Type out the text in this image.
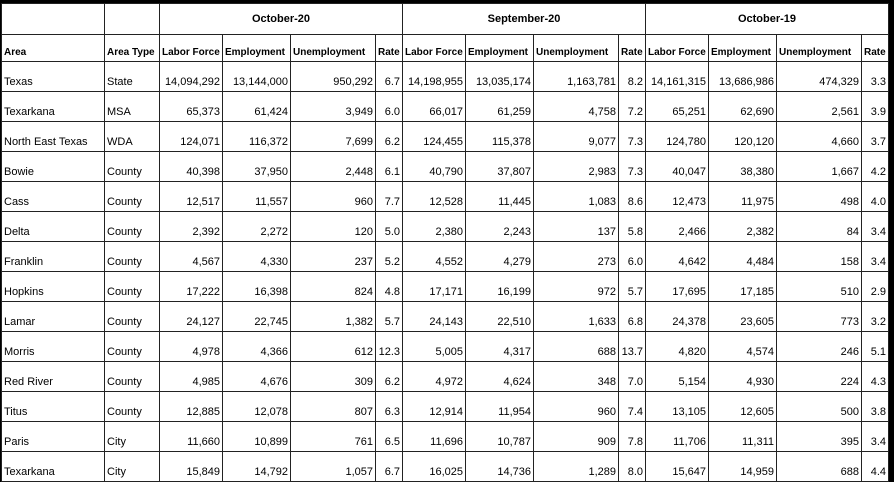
		October-20				September-20				October-19			
Area	Area Type	Labor Force	Employment	Unemployment	Rate	Labor Force	Employment	Unemployment	Rate	Labor Force	Employment	Unemployment	Rate
Texas	State	14,094,292	13,144,000	950,292	6.7	14,198,955	13,035,174	1,163,781	8.2	14,161,315	13,686,986	474,329	3.3
Texarkana	MSA	65,373	61,424	3,949	6.0	66,017	61,259	4,758	7.2	65,251	62,690	2,561	3.9
North East Texas	WDA	124,071	116,372	7,699	6.2	124,455	115,378	9,077	7.3	124,780	120,120	4,660	3.7
Bowie	County	40,398	37,950	2,448	6.1	40,790	37,807	2,983	7.3	40,047	38,380	1,667	4.2
Cass	County	12,517	11,557	960	7.7	12,528	11,445	1,083	8.6	12,473	11,975	498	4.0
Delta	County	2,392	2,272	120	5.0	2,380	2,243	137	5.8	2,466	2,382	84	3.4
Franklin	County	4,567	4,330	237	5.2	4,552	4,279	273	6.0	4,642	4,484	158	3.4
Hopkins	County	17,222	16,398	824	4.8	17,171	16,199	972	5.7	17,695	17,185	510	2.9
Lamar	County	24,127	22,745	1,382	5.7	24,143	22,510	1,633	6.8	24,378	23,605	773	3.2
Morris	County	4,978	4,366	612	12.3	5,005	4,317	688	13.7	4,820	4,574	246	5.1
Red River	County	4,985	4,676	309	6.2	4,972	4,624	348	7.0	5,154	4,930	224	4.3
Titus	County	12,885	12,078	807	6.3	12,914	11,954	960	7.4	13,105	12,605	500	3.8
Paris	City	11,660	10,899	761	6.5	11,696	10,787	909	7.8	11,706	11,311	395	3.4
Texarkana	City	15,849	14,792	1,057	6.7	16,025	14,736	1,289	8.0	15,647	14,959	688	4.4
